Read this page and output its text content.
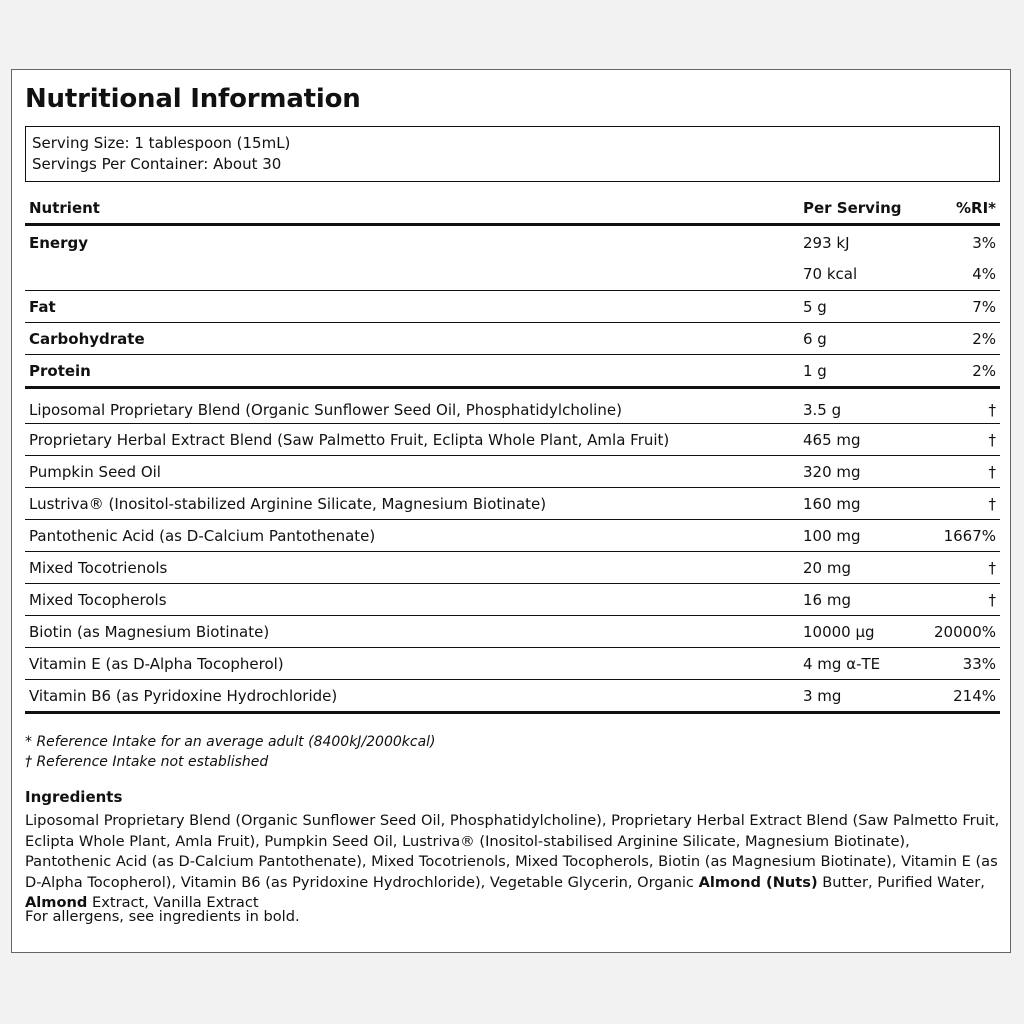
Nutritional Information
Serving Size: 1 tablespoon (15mL)
Servings Per Container: About 30
Nutrient	Per Serving	%RI*
Energy	293 kJ	3%
70 kcal	4%
Fat	5 g	7%
Carbohydrate	6 g	2%
Protein	1 g	2%
Liposomal Proprietary Blend (Organic Sunflower Seed Oil, Phosphatidylcholine)	3.5 g	†
Proprietary Herbal Extract Blend (Saw Palmetto Fruit, Eclipta Whole Plant, Amla Fruit)	465 mg	†
Pumpkin Seed Oil	320 mg	†
Lustriva® (Inositol-stabilized Arginine Silicate, Magnesium Biotinate)	160 mg	†
Pantothenic Acid (as D-Calcium Pantothenate)	100 mg	1667%
Mixed Tocotrienols	20 mg	†
Mixed Tocopherols	16 mg	†
Biotin (as Magnesium Biotinate)	10000 µg	20000%
Vitamin E (as D-Alpha Tocopherol)	4 mg α-TE	33%
Vitamin B6 (as Pyridoxine Hydrochloride)	3 mg	214%
* Reference Intake for an average adult (8400kJ/2000kcal)
† Reference Intake not established
Ingredients
Liposomal Proprietary Blend (Organic Sunflower Seed Oil, Phosphatidylcholine), Proprietary Herbal Extract Blend (Saw Palmetto Fruit, Eclipta Whole Plant, Amla Fruit), Pumpkin Seed Oil, Lustriva® (Inositol-stabilised Arginine Silicate, Magnesium Biotinate), Pantothenic Acid (as D-Calcium Pantothenate), Mixed Tocotrienols, Mixed Tocopherols, Biotin (as Magnesium Biotinate), Vitamin E (as D-Alpha Tocopherol), Vitamin B6 (as Pyridoxine Hydrochloride), Vegetable Glycerin, Organic Almond (Nuts) Butter, Purified Water, Almond Extract, Vanilla Extract
For allergens, see ingredients in bold.
